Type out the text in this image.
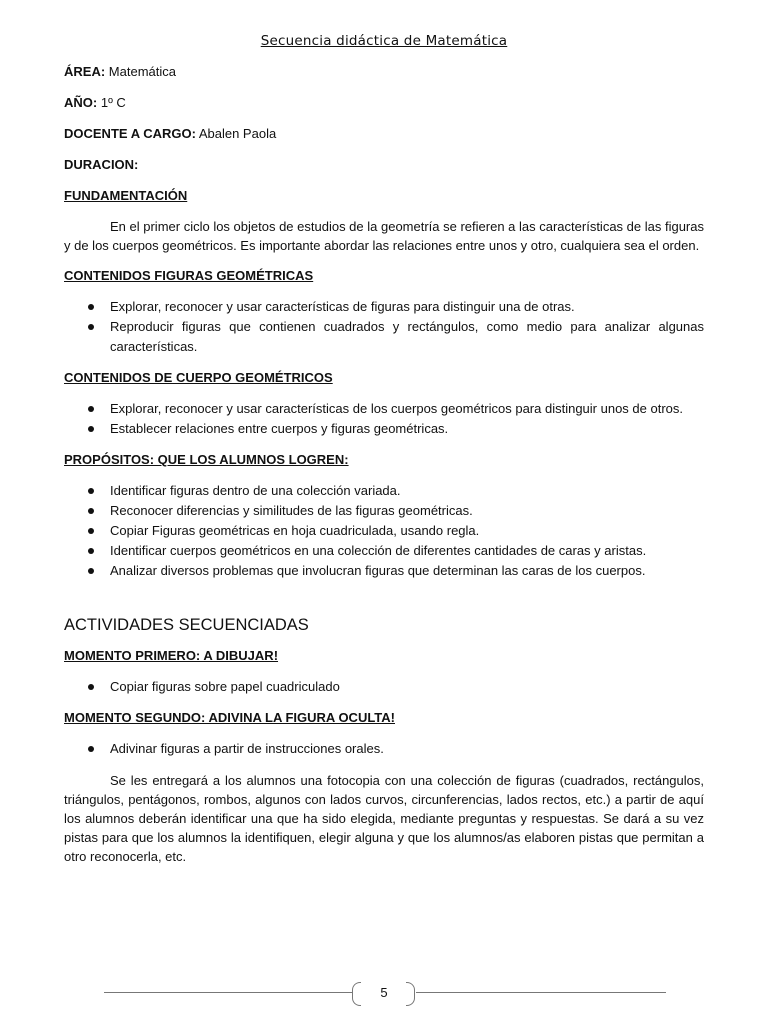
Secuencia didáctica de Matemática
ÁREA: Matemática
AÑO: 1º C
DOCENTE A CARGO: Abalen Paola
DURACION:
FUNDAMENTACIÓN
En el primer ciclo los objetos de estudios de la geometría se refieren a las características de las figuras y de los cuerpos geométricos. Es importante abordar las relaciones entre unos y otro, cualquiera sea el orden.
CONTENIDOS FIGURAS GEOMÉTRICAS
Explorar, reconocer y usar características de figuras para distinguir una de otras.
Reproducir figuras que contienen cuadrados y rectángulos, como medio para analizar algunas características.
CONTENIDOS DE CUERPO GEOMÉTRICOS
Explorar, reconocer y usar características de los cuerpos geométricos para distinguir unos de otros.
Establecer relaciones entre cuerpos y figuras geométricas.
PROPÓSITOS: QUE LOS ALUMNOS LOGREN:
Identificar figuras dentro de una colección variada.
Reconocer diferencias y similitudes de las figuras geométricas.
Copiar Figuras geométricas en hoja cuadriculada, usando regla.
Identificar cuerpos geométricos en una colección de diferentes cantidades de caras y aristas.
Analizar diversos problemas que involucran figuras que determinan las caras de los cuerpos.
ACTIVIDADES SECUENCIADAS
MOMENTO PRIMERO: A DIBUJAR!
Copiar figuras sobre papel cuadriculado
MOMENTO SEGUNDO: ADIVINA LA FIGURA OCULTA!
Adivinar figuras a partir de instrucciones orales.
Se les entregará a los alumnos una fotocopia con una colección de figuras (cuadrados, rectángulos, triángulos, pentágonos, rombos, algunos con lados curvos, circunferencias, lados rectos, etc.) a partir de aquí los alumnos deberán identificar una que ha sido elegida, mediante preguntas y respuestas. Se dará a su vez pistas para que los alumnos la identifiquen, elegir alguna y que los alumnos/as elaboren pistas que permitan a otro reconocerla, etc.
5
